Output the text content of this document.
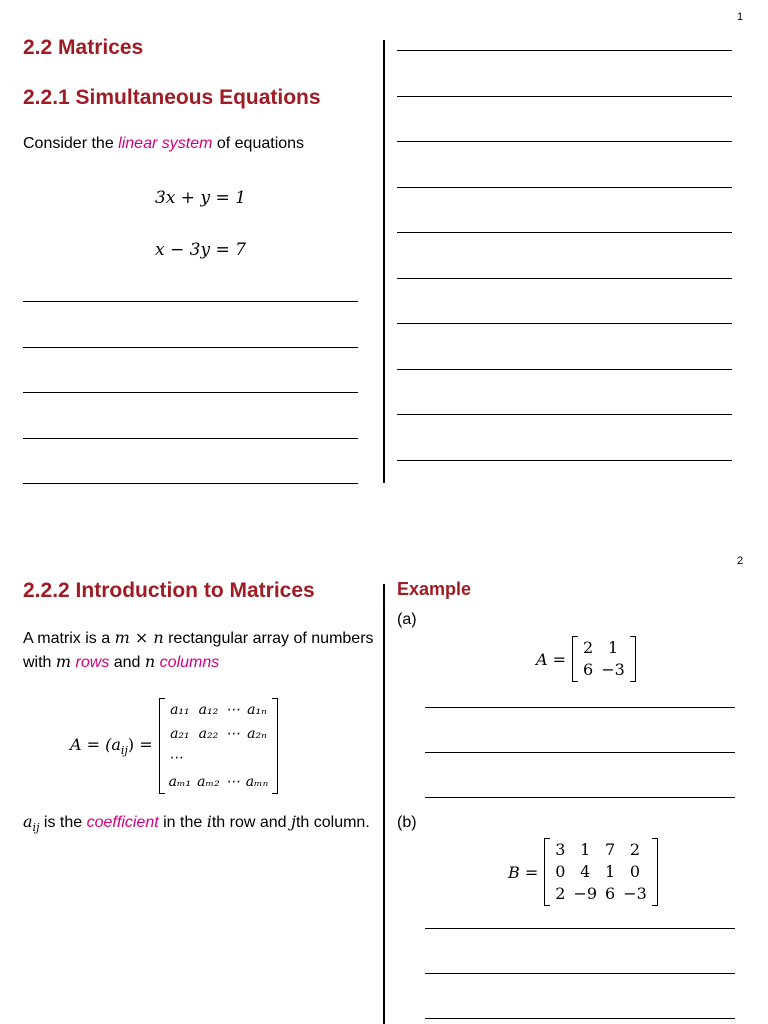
1
2.2 Matrices
2.2.1 Simultaneous Equations
Consider the linear system of equations
3x + y = 1
x − 3y = 7
2
2.2.2 Introduction to Matrices
A matrix is a m × n rectangular array of numbers with m rows and n columns
$A = (a_{ij})$ =
a₁₁	a₁₂	⋯	a₁ₙ
a₂₁	a₂₂	⋯	a₂ₙ
⋯			
aₘ₁	aₘ₂	⋯	aₘₙ
$a_{ij}$ is the coefficient in the ith row and jth column.
Example
(a)
A =
2	1
6	−3
(b)
B =
3	1	7	2
0	4	1	0
2	−9	6	−3
